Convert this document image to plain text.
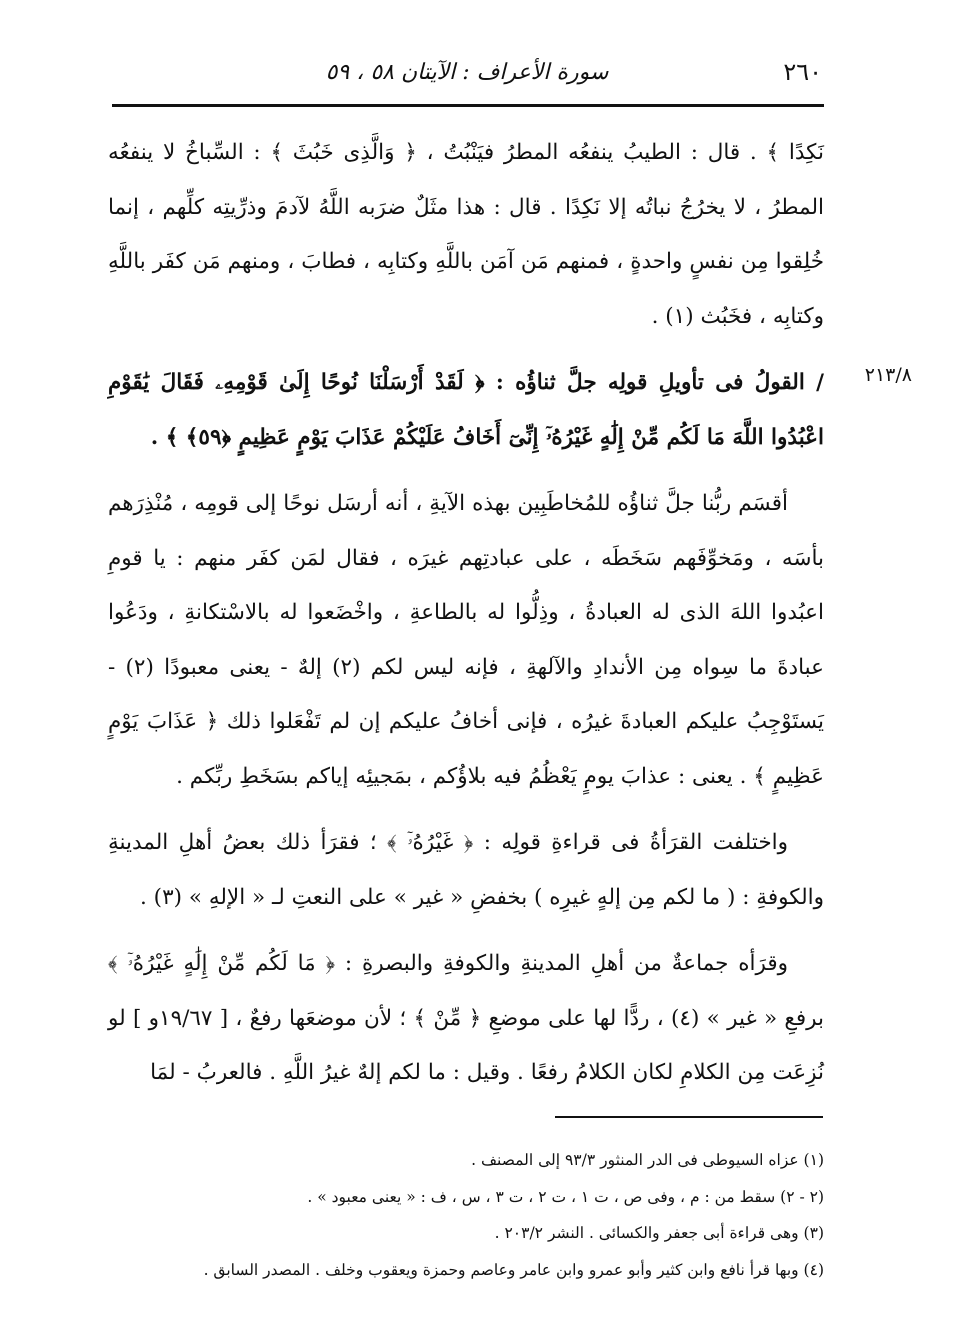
٢٦٠
سورة الأعراف : الآيتان ٥٨ ، ٥٩
٢١٣/٨

نَكِدًا ﴾ . قال : الطيبُ ينفعُه المطرُ فيَنْبُتُ ، ﴿ وَالَّذِى خَبُثَ ﴾ : السِّباخُ لا ينفعُه المطرُ ، لا يخرُجُ نباتُه إلا نَكِدًا . قال : هذا مثَلٌ ضرَبه اللَّهُ لآدمَ وذرِّيتِه كلِّهم ، إنما خُلِقوا مِن نفسٍ واحدةٍ ، فمنهم مَن آمَن باللَّهِ وكتابِه ، فطابَ ، ومنهم مَن كفَر باللَّهِ وكتابِه ، فخَبُث (١) .

/ القولُ فى تأويلِ قولِه جلَّ ثناؤُه : ﴿ لَقَدْ أَرْسَلْنَا نُوحًا إِلَىٰ قَوْمِهِۦ فَقَالَ يَٰقَوْمِ اعْبُدُوا اللَّهَ مَا لَكُم مِّنْ إِلَٰهٍ غَيْرُهُۥٓ إِنِّىٓ أَخَافُ عَلَيْكُمْ عَذَابَ يَوْمٍ عَظِيمٍ ﴿٥٩﴾ ﴾ .

أقسَم ربُّنا جلَّ ثناؤُه للمُخاطَبِين بهذه الآيةِ ، أنه أرسَل نوحًا إلى قومِه ، مُنْذِرَهم بأسَه ، ومَخوِّفَهم سَخَطَه ، على عبادتِهم غيرَه ، فقال لمَن كفَر منهم : يا قومِ اعبُدوا اللهَ الذى له العبادةُ ، وذِلُّوا له بالطاعةِ ، واخْضَعوا له بالاسْتكانةِ ، ودَعُوا عبادةَ ما سِواه مِن الأندادِ والآلهةِ ، فإنه ليس لكم (٢) إلهٌ - يعنى معبودًا (٢) - يَستَوْجِبُ عليكم العبادةَ غيرُه ، فإنى أخافُ عليكم إن لم تَفْعَلوا ذلك ﴿ عَذَابَ يَوْمٍ عَظِيمٍ ﴾ . يعنى : عذابَ يومٍ يَعْظُمُ فيه بلاؤُكم ، بمَجيئِه إياكم بسَخَطِ ربِّكم .

واختلفت القرَأةُ فى قراءةِ قولِه : ﴿ غَيْرُهُۥٓ ﴾ ؛ فقرَأ ذلك بعضُ أهلِ المدينةِ والكوفةِ : ( ما لكم مِن إلهٍ غيرِه ) بخفضِ « غير » على النعتِ لـ « الإلهِ » (٣) .

وقرَأه جماعةٌ من أهلِ المدينةِ والكوفةِ والبصرةِ : ﴿ مَا لَكُم مِّنْ إِلَٰهٍ غَيْرُهُۥٓ ﴾ برفعِ « غير » (٤) ، ردًّا لها على موضعِ ﴿ مِّنْ ﴾ ؛ لأن موضعَها رفعٌ ، [ ١٩/٦٧و ] لو نُزِعَت مِن الكلامِ لكان الكلامُ رفعًا . وقيل : ما لكم إلهٌ غيرُ اللَّهِ . فالعربُ - لمَا

(١) عزاه السيوطى فى الدر المنثور ٩٣/٣ إلى المصنف .
(٢ - ٢) سقط من : م ، وفى ص ، ت ١ ، ت ٢ ، ت ٣ ، س ، ف : « يعنى معبود » .
(٣) وهى قراءة أبى جعفر والكسائى . النشر ٢٠٣/٢ .
(٤) وبها قرأ نافع وابن كثير وأبو عمرو وابن عامر وعاصم وحمزة ويعقوب وخلف . المصدر السابق .
